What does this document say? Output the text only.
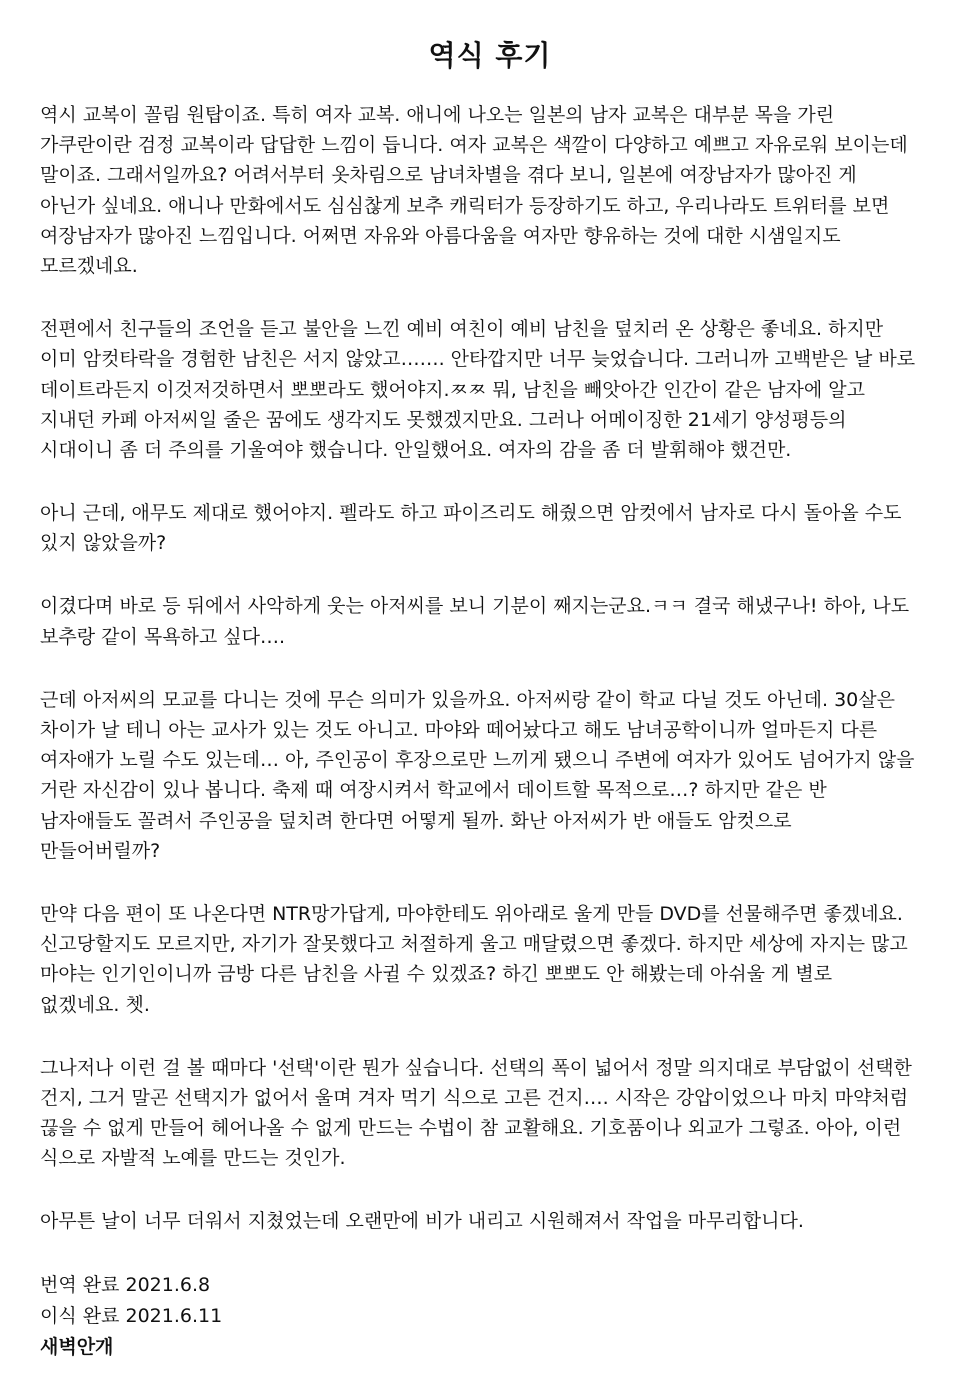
역식 후기
역시 교복이 꼴림 원탑이죠. 특히 여자 교복. 애니에 나오는 일본의 남자 교복은 대부분 목을 가린
가쿠란이란 검정 교복이라 답답한 느낌이 듭니다. 여자 교복은 색깔이 다양하고 예쁘고 자유로워 보이는데
말이죠. 그래서일까요? 어려서부터 옷차림으로 남녀차별을 겪다 보니, 일본에 여장남자가 많아진 게
아닌가 싶네요. 애니나 만화에서도 심심찮게 보추 캐릭터가 등장하기도 하고, 우리나라도 트위터를 보면
여장남자가 많아진 느낌입니다. 어쩌면 자유와 아름다움을 여자만 향유하는 것에 대한 시샘일지도
모르겠네요.
전편에서 친구들의 조언을 듣고 불안을 느낀 예비 여친이 예비 남친을 덮치러 온 상황은 좋네요. 하지만
이미 암컷타락을 경험한 남친은 서지 않았고……. 안타깝지만 너무 늦었습니다. 그러니까 고백받은 날 바로
데이트라든지 이것저것하면서 뽀뽀라도 했어야지.ㅉㅉ 뭐, 남친을 빼앗아간 인간이 같은 남자에 알고
지내던 카페 아저씨일 줄은 꿈에도 생각지도 못했겠지만요. 그러나 어메이징한 21세기 양성평등의
시대이니 좀 더 주의를 기울여야 했습니다. 안일했어요. 여자의 감을 좀 더 발휘해야 했건만.
아니 근데, 애무도 제대로 했어야지. 펠라도 하고 파이즈리도 해줬으면 암컷에서 남자로 다시 돌아올 수도
있지 않았을까?
이겼다며 바로 등 뒤에서 사악하게 웃는 아저씨를 보니 기분이 째지는군요.ㅋㅋ 결국 해냈구나! 하아, 나도
보추랑 같이 목욕하고 싶다….
근데 아저씨의 모교를 다니는 것에 무슨 의미가 있을까요. 아저씨랑 같이 학교 다닐 것도 아닌데. 30살은
차이가 날 테니 아는 교사가 있는 것도 아니고. 마야와 떼어놨다고 해도 남녀공학이니까 얼마든지 다른
여자애가 노릴 수도 있는데… 아, 주인공이 후장으로만 느끼게 됐으니 주변에 여자가 있어도 넘어가지 않을
거란 자신감이 있나 봅니다. 축제 때 여장시켜서 학교에서 데이트할 목적으로…? 하지만 같은 반
남자애들도 꼴려서 주인공을 덮치려 한다면 어떻게 될까. 화난 아저씨가 반 애들도 암컷으로
만들어버릴까?
만약 다음 편이 또 나온다면 NTR망가답게, 마야한테도 위아래로 울게 만들 DVD를 선물해주면 좋겠네요.
신고당할지도 모르지만, 자기가 잘못했다고 처절하게 울고 매달렸으면 좋겠다. 하지만 세상에 자지는 많고
마야는 인기인이니까 금방 다른 남친을 사귈 수 있겠죠? 하긴 뽀뽀도 안 해봤는데 아쉬울 게 별로
없겠네요. 쳇.
그나저나 이런 걸 볼 때마다 '선택'이란 뭔가 싶습니다. 선택의 폭이 넓어서 정말 의지대로 부담없이 선택한
건지, 그거 말곤 선택지가 없어서 울며 겨자 먹기 식으로 고른 건지…. 시작은 강압이었으나 마치 마약처럼
끊을 수 없게 만들어 헤어나올 수 없게 만드는 수법이 참 교활해요. 기호품이나 외교가 그렇죠. 아아, 이런
식으로 자발적 노예를 만드는 것인가.
아무튼 날이 너무 더워서 지쳤었는데 오랜만에 비가 내리고 시원해져서 작업을 마무리합니다.
번역 완료 2021.6.8
이식 완료 2021.6.11
새벽안개
